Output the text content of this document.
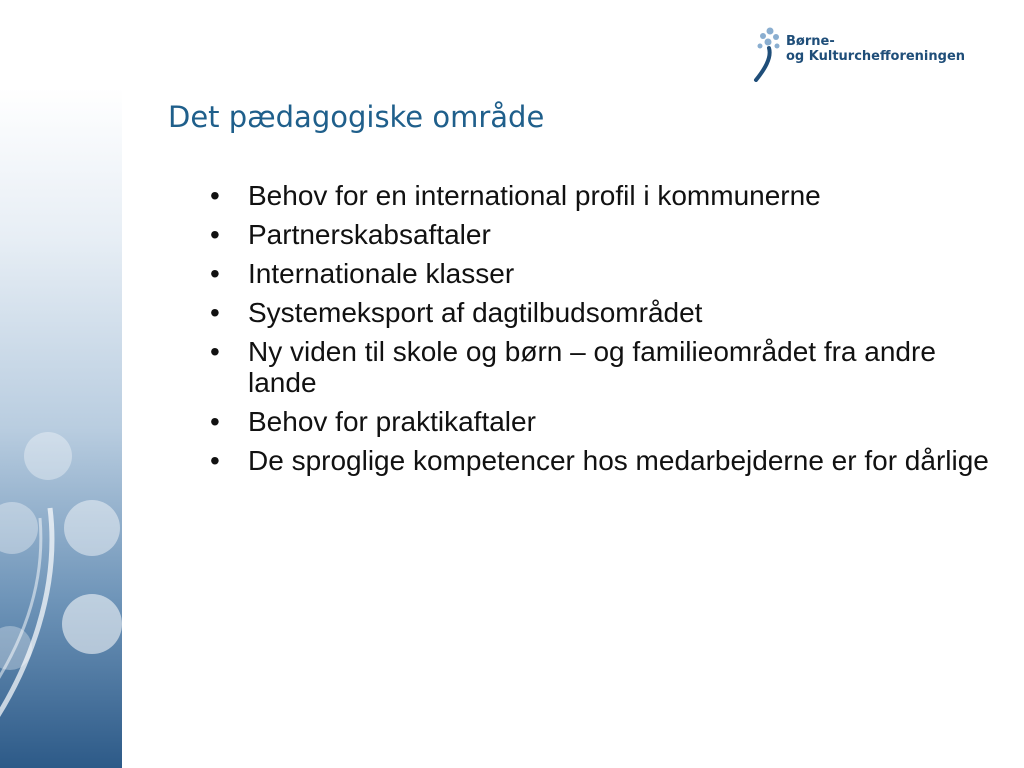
Børne-
og Kulturchefforeningen
Det pædagogiske område
• Behov for en international profil i kommunerne
• Partnerskabsaftaler
• Internationale klasser
• Systemeksport af dagtilbudsområdet
• Ny viden til skole og børn – og familieområdet fra andre lande
• Behov for praktikaftaler
• De sproglige kompetencer hos medarbejderne er for dårlige
